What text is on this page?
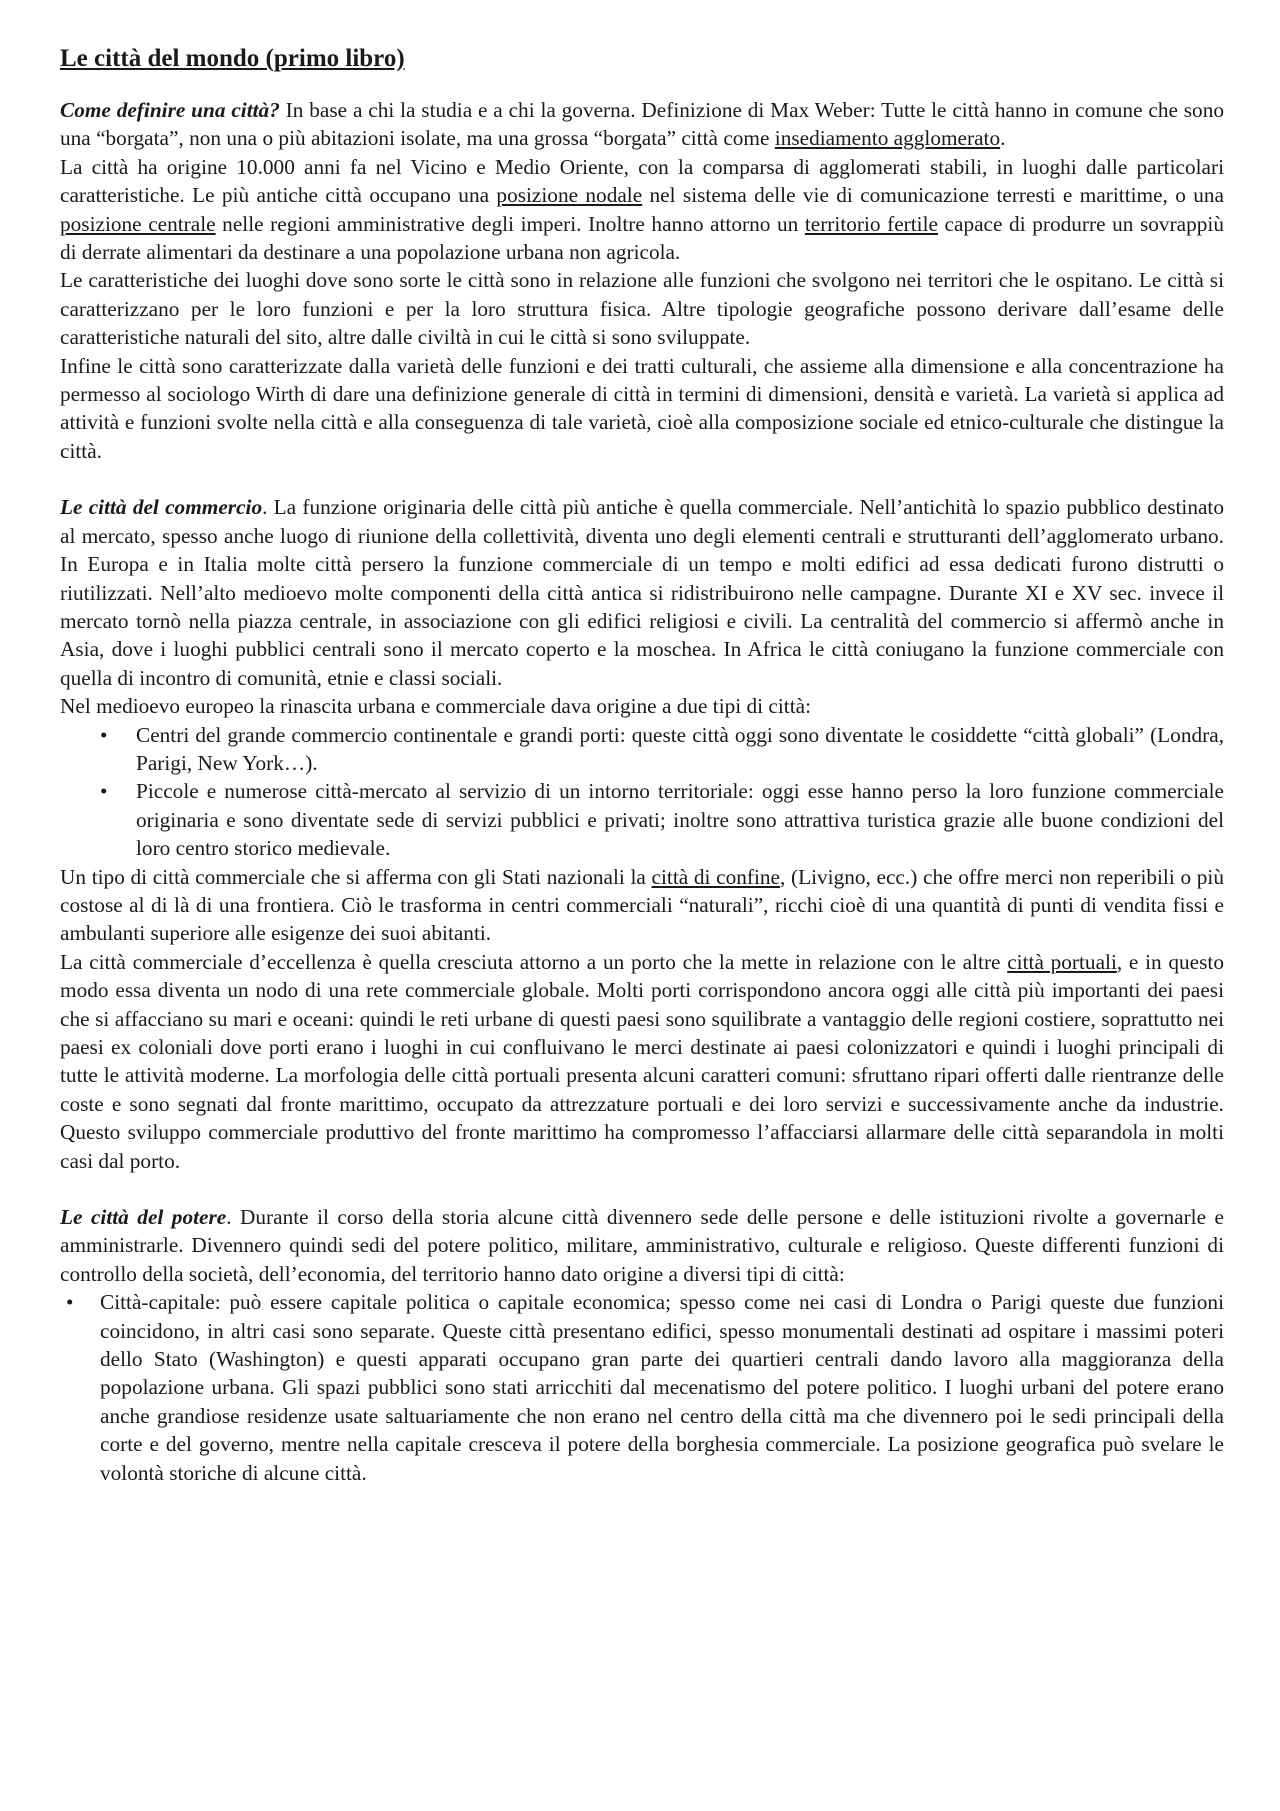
Le città del mondo (primo libro)

Come definire una città? In base a chi la studia e a chi la governa. Definizione di Max Weber: Tutte le città hanno in comune che sono una “borgata”, non una o più abitazioni isolate, ma una grossa “borgata” città come insediamento agglomerato.

La città ha origine 10.000 anni fa nel Vicino e Medio Oriente, con la comparsa di agglomerati stabili, in luoghi dalle particolari caratteristiche. Le più antiche città occupano una posizione nodale nel sistema delle vie di comunicazione terresti e marittime, o una posizione centrale nelle regioni amministrative degli imperi. Inoltre hanno attorno un territorio fertile capace di produrre un sovrappiù di derrate alimentari da destinare a una popolazione urbana non agricola.

Le caratteristiche dei luoghi dove sono sorte le città sono in relazione alle funzioni che svolgono nei territori che le ospitano. Le città si caratterizzano per le loro funzioni e per la loro struttura fisica. Altre tipologie geografiche possono derivare dall’esame delle caratteristiche naturali del sito, altre dalle civiltà in cui le città si sono sviluppate.

Infine le città sono caratterizzate dalla varietà delle funzioni e dei tratti culturali, che assieme alla dimensione e alla concentrazione ha permesso al sociologo Wirth di dare una definizione generale di città in termini di dimensioni, densità e varietà. La varietà si applica ad attività e funzioni svolte nella città e alla conseguenza di tale varietà, cioè alla composizione sociale ed etnico-culturale che distingue la città.

Le città del commercio. La funzione originaria delle città più antiche è quella commerciale. Nell’antichità lo spazio pubblico destinato al mercato, spesso anche luogo di riunione della collettività, diventa uno degli elementi centrali e strutturanti dell’agglomerato urbano. In Europa e in Italia molte città persero la funzione commerciale di un tempo e molti edifici ad essa dedicati furono distrutti o riutilizzati. Nell’alto medioevo molte componenti della città antica si ridistribuirono nelle campagne. Durante XI e XV sec. invece il mercato tornò nella piazza centrale, in associazione con gli edifici religiosi e civili. La centralità del commercio si affermò anche in Asia, dove i luoghi pubblici centrali sono il mercato coperto e la moschea. In Africa le città coniugano la funzione commerciale con quella di incontro di comunità, etnie e classi sociali.

Nel medioevo europeo la rinascita urbana e commerciale dava origine a due tipi di città:

• Centri del grande commercio continentale e grandi porti: queste città oggi sono diventate le cosiddette “città globali” (Londra, Parigi, New York…).
• Piccole e numerose città-mercato al servizio di un intorno territoriale: oggi esse hanno perso la loro funzione commerciale originaria e sono diventate sede di servizi pubblici e privati; inoltre sono attrattiva turistica grazie alle buone condizioni del loro centro storico medievale.

Un tipo di città commerciale che si afferma con gli Stati nazionali la città di confine, (Livigno, ecc.) che offre merci non reperibili o più costose al di là di una frontiera. Ciò le trasforma in centri commerciali “naturali”, ricchi cioè di una quantità di punti di vendita fissi e ambulanti superiore alle esigenze dei suoi abitanti.

La città commerciale d’eccellenza è quella cresciuta attorno a un porto che la mette in relazione con le altre città portuali, e in questo modo essa diventa un nodo di una rete commerciale globale. Molti porti corrispondono ancora oggi alle città più importanti dei paesi che si affacciano su mari e oceani: quindi le reti urbane di questi paesi sono squilibrate a vantaggio delle regioni costiere, soprattutto nei paesi ex coloniali dove porti erano i luoghi in cui confluivano le merci destinate ai paesi colonizzatori e quindi i luoghi principali di tutte le attività moderne. La morfologia delle città portuali presenta alcuni caratteri comuni: sfruttano ripari offerti dalle rientranze delle coste e sono segnati dal fronte marittimo, occupato da attrezzature portuali e dei loro servizi e successivamente anche da industrie. Questo sviluppo commerciale produttivo del fronte marittimo ha compromesso l’affacciarsi allarmare delle città separandola in molti casi dal porto.

Le città del potere. Durante il corso della storia alcune città divennero sede delle persone e delle istituzioni rivolte a governarle e amministrarle. Divennero quindi sedi del potere politico, militare, amministrativo, culturale e religioso. Queste differenti funzioni di controllo della società, dell’economia, del territorio hanno dato origine a diversi tipi di città:

• Città-capitale: può essere capitale politica o capitale economica; spesso come nei casi di Londra o Parigi queste due funzioni coincidono, in altri casi sono separate. Queste città presentano edifici, spesso monumentali destinati ad ospitare i massimi poteri dello Stato (Washington) e questi apparati occupano gran parte dei quartieri centrali dando lavoro alla maggioranza della popolazione urbana. Gli spazi pubblici sono stati arricchiti dal mecenatismo del potere politico. I luoghi urbani del potere erano anche grandiose residenze usate saltuariamente che non erano nel centro della città ma che divennero poi le sedi principali della corte e del governo, mentre nella capitale cresceva il potere della borghesia commerciale. La posizione geografica può svelare le volontà storiche di alcune città.
